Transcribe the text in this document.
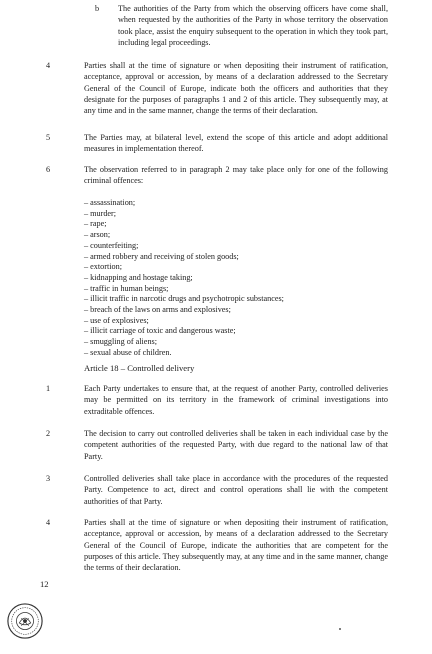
b The authorities of the Party from which the observing officers have come shall, when requested by the authorities of the Party in whose territory the observation took place, assist the enquiry subsequent to the operation in which they took part, including legal proceedings.
4	Parties shall at the time of signature or when depositing their instrument of ratification, acceptance, approval or accession, by means of a declaration addressed to the Secretary General of the Council of Europe, indicate both the officers and authorities that they designate for the purposes of paragraphs 1 and 2 of this article. They subsequently may, at any time and in the same manner, change the terms of their declaration.
5	The Parties may, at bilateral level, extend the scope of this article and adopt additional measures in implementation thereof.
6	The observation referred to in paragraph 2 may take place only for one of the following criminal offences:
– assassination;
– murder;
– rape;
– arson;
– counterfeiting;
– armed robbery and receiving of stolen goods;
– extortion;
– kidnapping and hostage taking;
– traffic in human beings;
– illicit traffic in narcotic drugs and psychotropic substances;
– breach of the laws on arms and explosives;
– use of explosives;
– illicit carriage of toxic and dangerous waste;
– smuggling of aliens;
– sexual abuse of children.
Article 18 – Controlled delivery
1	Each Party undertakes to ensure that, at the request of another Party, controlled deliveries may be permitted on its territory in the framework of criminal investigations into extraditable offences.
2	The decision to carry out controlled deliveries shall be taken in each individual case by the competent authorities of the requested Party, with due regard to the national law of that Party.
3	Controlled deliveries shall take place in accordance with the procedures of the requested Party. Competence to act, direct and control operations shall lie with the competent authorities of that Party.
4	Parties shall at the time of signature or when depositing their instrument of ratification, acceptance, approval or accession, by means of a declaration addressed to the Secretary General of the Council of Europe, indicate the authorities that are competent for the purposes of this article. They subsequently may, at any time and in the same manner, change the terms of their declaration.
12
